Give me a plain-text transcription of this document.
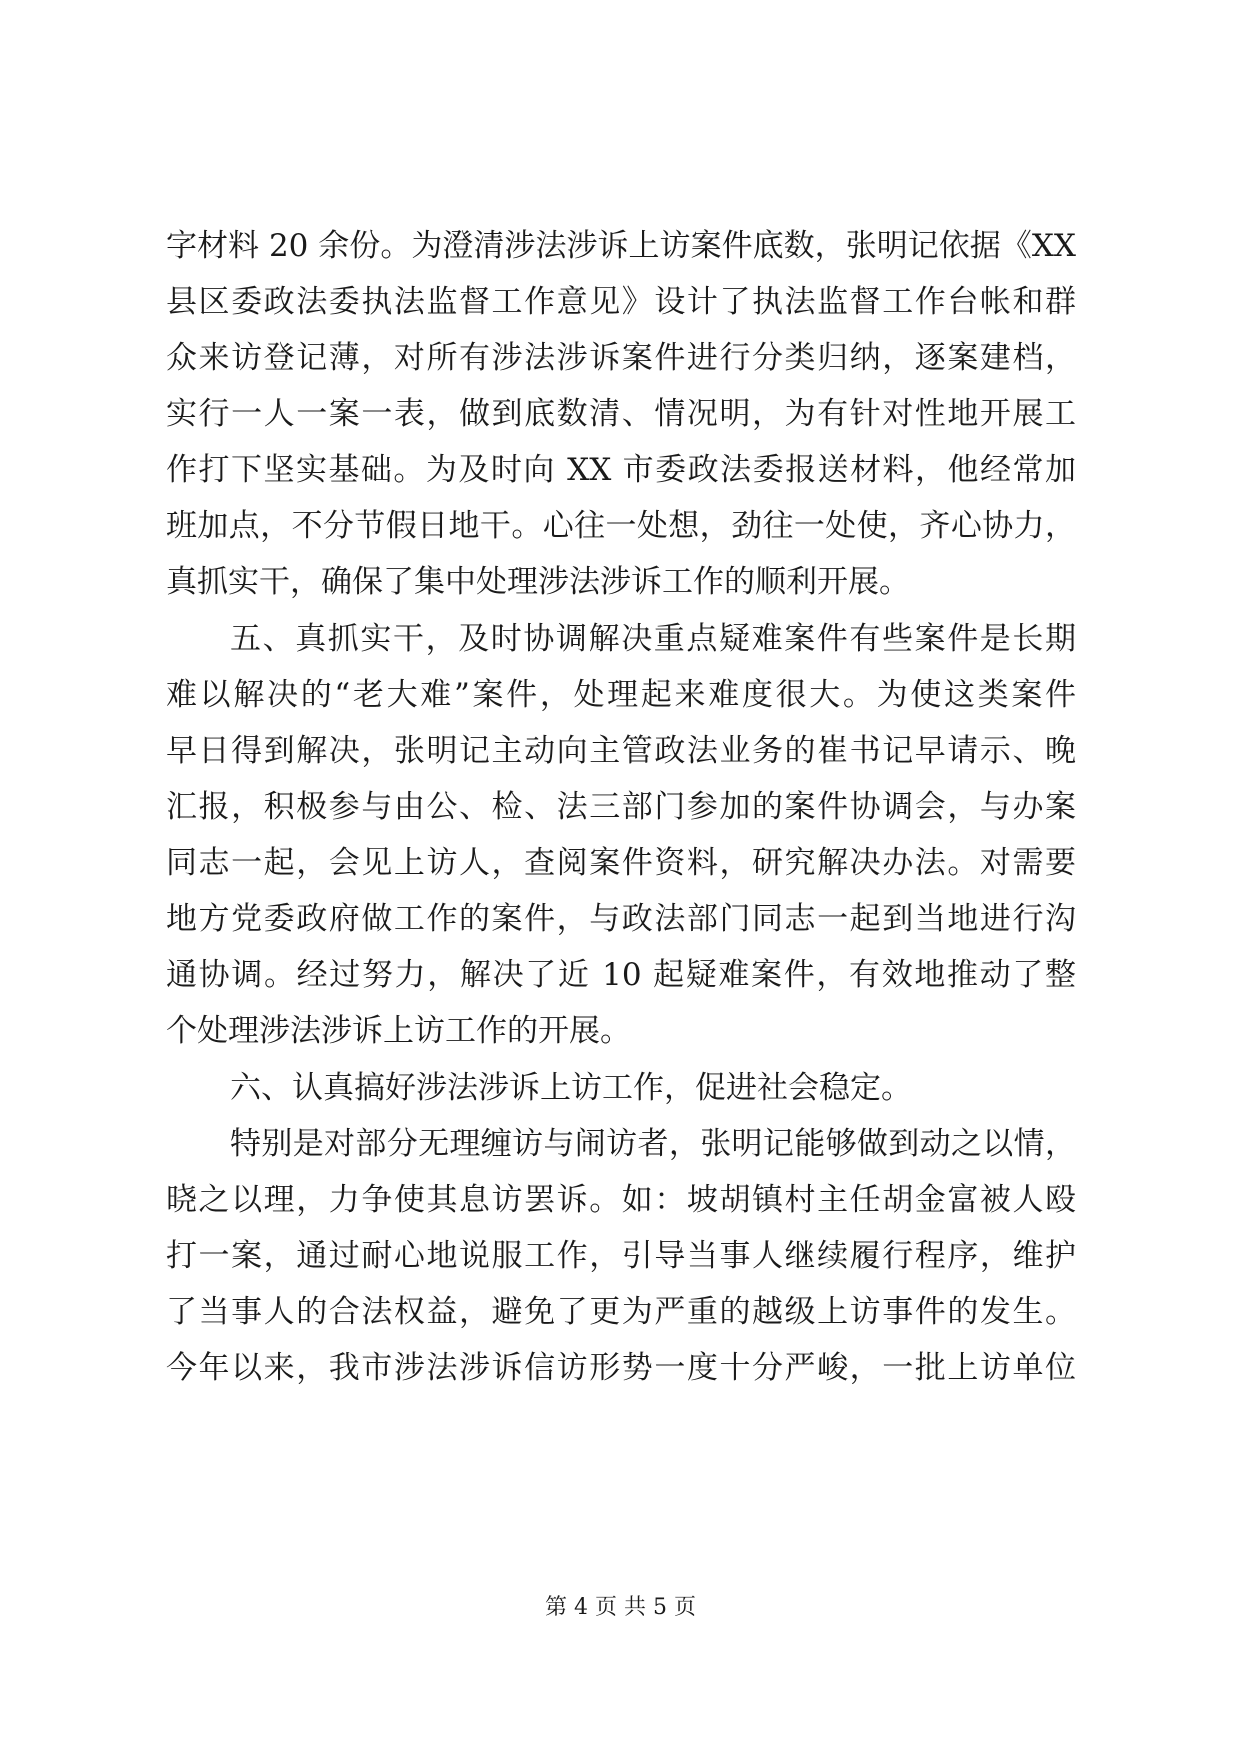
字材料 20 余份。为澄清涉法涉诉上访案件底数，张明记依据《XX
县区委政法委执法监督工作意见》设计了执法监督工作台帐和群
众来访登记薄，对所有涉法涉诉案件进行分类归纳，逐案建档，
实行一人一案一表，做到底数清、情况明，为有针对性地开展工
作打下坚实基础。为及时向 XX 市委政法委报送材料，他经常加
班加点，不分节假日地干。心往一处想，劲往一处使，齐心协力，
真抓实干，确保了集中处理涉法涉诉工作的顺利开展。
五、真抓实干，及时协调解决重点疑难案件有些案件是长期
难以解决的“老大难”案件，处理起来难度很大。为使这类案件
早日得到解决，张明记主动向主管政法业务的崔书记早请示、晚
汇报，积极参与由公、检、法三部门参加的案件协调会，与办案
同志一起，会见上访人，查阅案件资料，研究解决办法。对需要
地方党委政府做工作的案件，与政法部门同志一起到当地进行沟
通协调。经过努力，解决了近 10 起疑难案件，有效地推动了整
个处理涉法涉诉上访工作的开展。
六、认真搞好涉法涉诉上访工作，促进社会稳定。
特别是对部分无理缠访与闹访者，张明记能够做到动之以情，
晓之以理，力争使其息访罢诉。如：坡胡镇村主任胡金富被人殴
打一案，通过耐心地说服工作，引导当事人继续履行程序，维护
了当事人的合法权益，避免了更为严重的越级上访事件的发生。
今年以来，我市涉法涉诉信访形势一度十分严峻，一批上访单位
第 4 页 共 5 页
